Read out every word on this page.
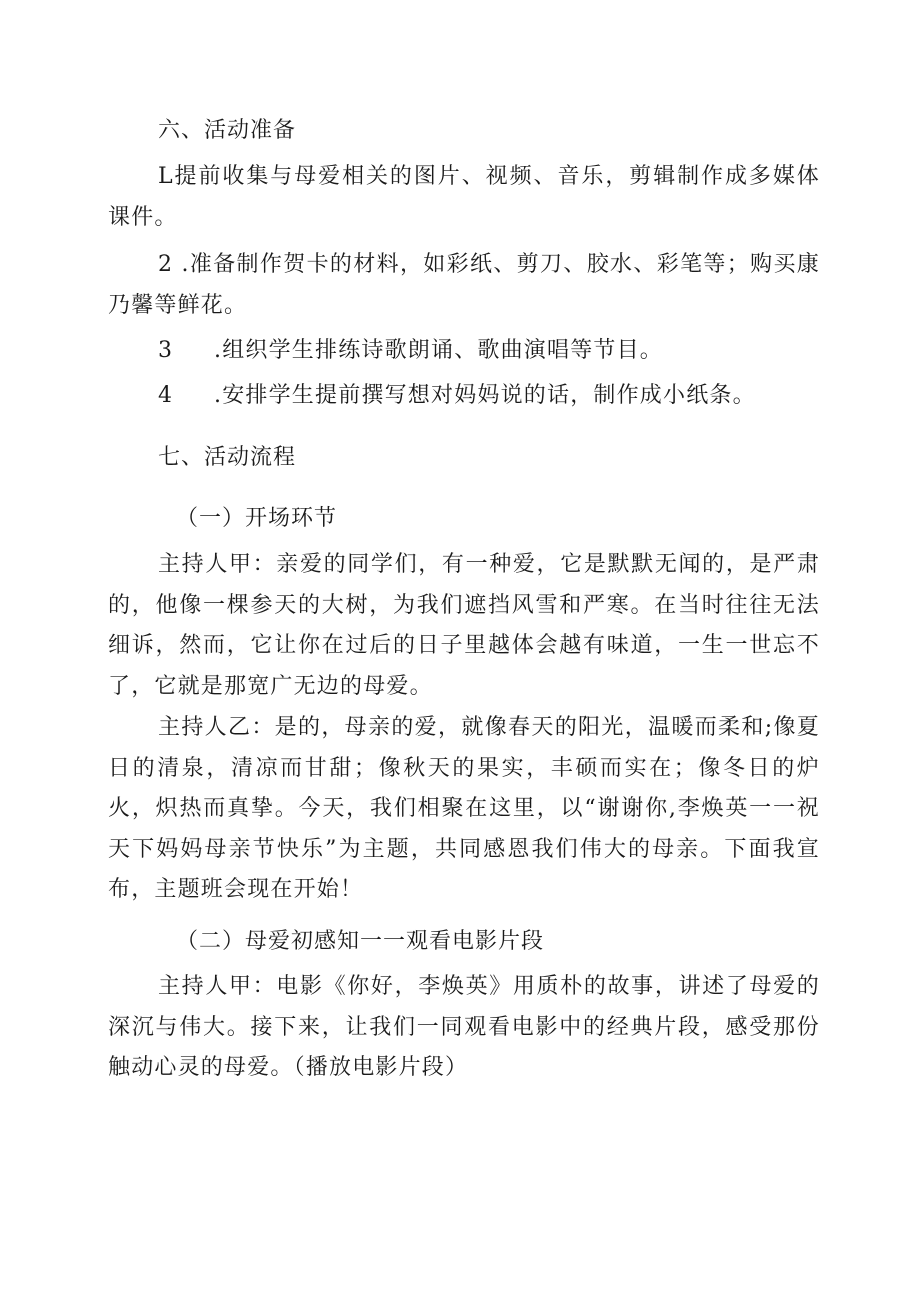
六、活动准备

L提前收集与母爱相关的图片、视频、音乐，剪辑制作成多媒体课件。

2 .准备制作贺卡的材料，如彩纸、剪刀、胶水、彩笔等；购买康乃馨等鲜花。

3 .组织学生排练诗歌朗诵、歌曲演唱等节目。
4 .安排学生提前撰写想对妈妈说的话，制作成小纸条。
七、活动流程
（一）开场环节

主持人甲：亲爱的同学们，有一种爱，它是默默无闻的，是严肃的，他像一棵参天的大树，为我们遮挡风雪和严寒。在当时往往无法细诉，然而，它让你在过后的日子里越体会越有味道，一生一世忘不了，它就是那宽广无边的母爱。

主持人乙：是的，母亲的爱，就像春天的阳光，温暖而柔和;像夏日的清泉，清凉而甘甜；像秋天的果实，丰硕而实在；像冬日的炉火，炽热而真挚。今天，我们相聚在这里，以“谢谢你,李焕英一一祝天下妈妈母亲节快乐”为主题，共同感恩我们伟大的母亲。下面我宣布，主题班会现在开始！

（二）母爱初感知一一观看电影片段

主持人甲：电影《你好，李焕英》用质朴的故事，讲述了母爱的深沉与伟大。接下来，让我们一同观看电影中的经典片段，感受那份触动心灵的母爱。（播放电影片段）
